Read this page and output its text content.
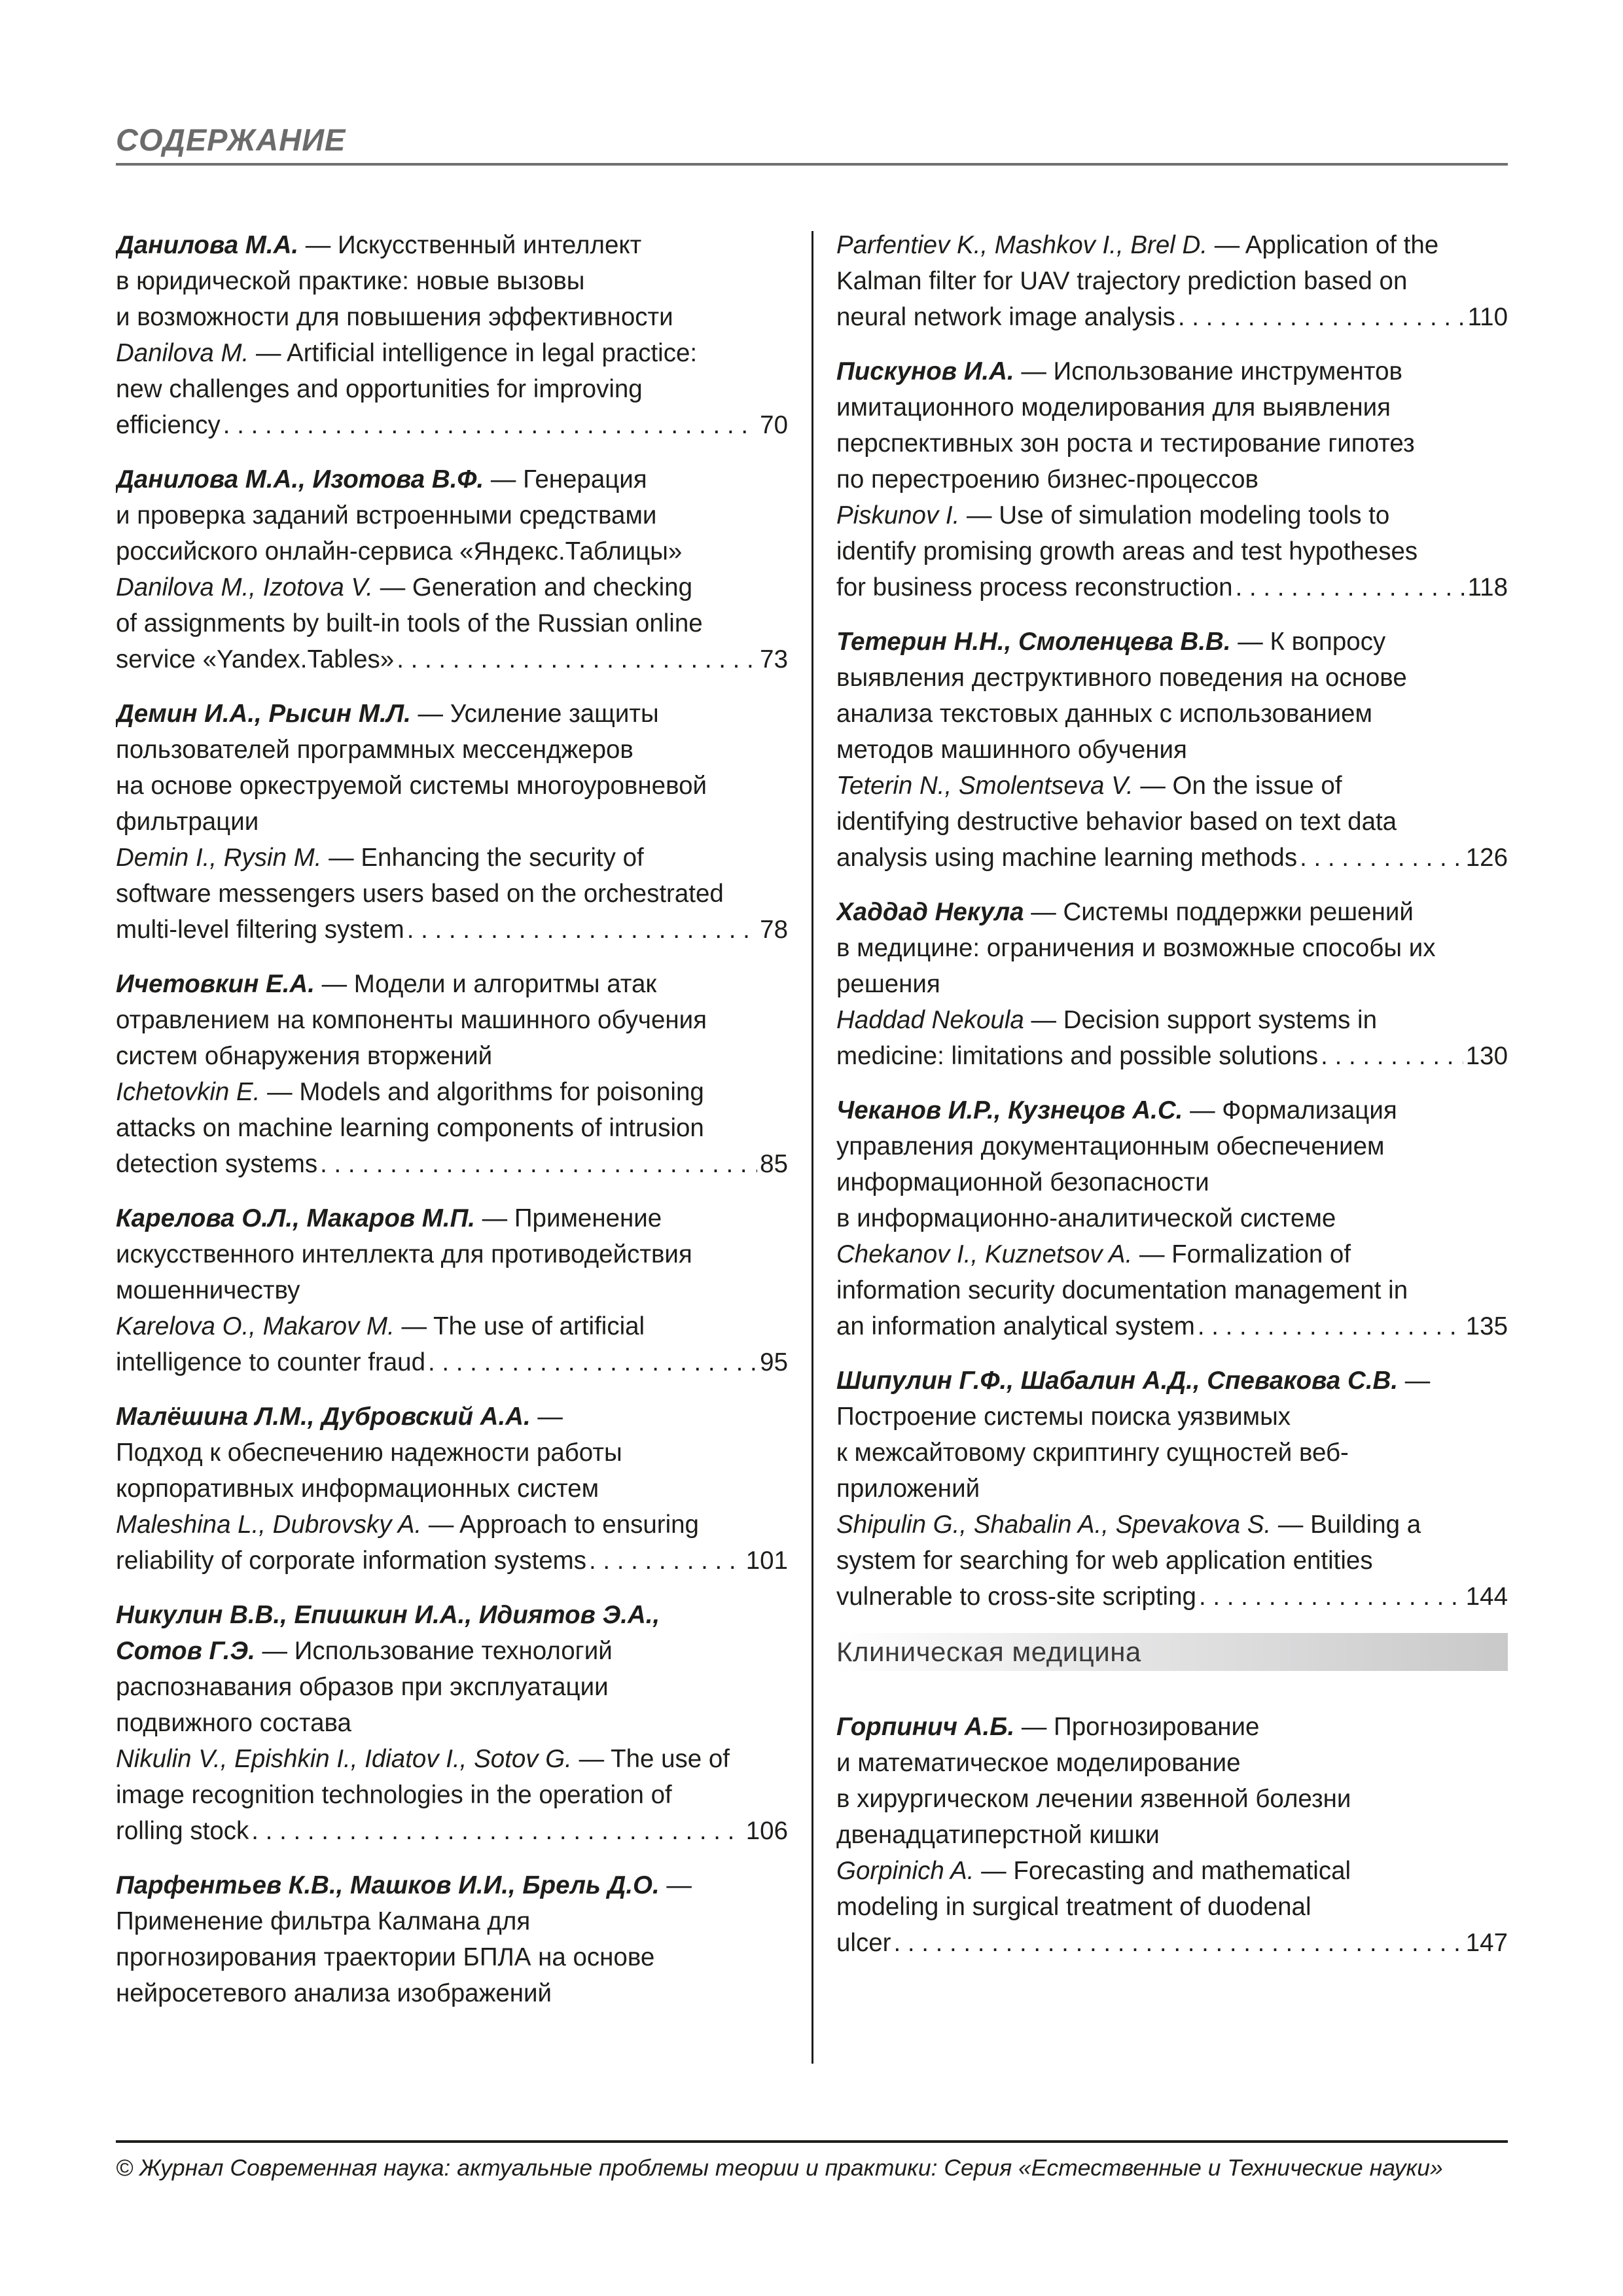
СОДЕРЖАНИЕ
Данилова М.А. — Искусственный интеллект
в юридической практике: новые вызовы
и возможности для повышения эффективности
Danilova M. — Artificial intelligence in legal practice:
new challenges and opportunities for improving
efficiency . . .	70
Данилова М.А., Изотова В.Ф. — Генерация
и проверка заданий встроенными средствами
российского онлайн-сервиса «Яндекс.Таблицы»
Danilova M., Izotova V. — Generation and checking
of assignments by built-in tools of the Russian online
service «Yandex.Tables» . . .	73
Демин И.А., Рысин М.Л. — Усиление защиты
пользователей программных мессенджеров
на основе оркеструемой системы многоуровневой
фильтрации
Demin I., Rysin M. — Enhancing the security of
software messengers users based on the orchestrated
multi-level filtering system . . .	78
Ичетовкин Е.А. — Модели и алгоритмы атак
отравлением на компоненты машинного обучения
систем обнаружения вторжений
Ichetovkin E. — Models and algorithms for poisoning
attacks on machine learning components of intrusion
detection systems . . .	85
Карелова О.Л., Макаров М.П. — Применение
искусственного интеллекта для противодействия
мошенничеству
Karelova O., Makarov M. — The use of artificial
intelligence to counter fraud . . .	95
Малёшина Л.М., Дубровский А.А. —
Подход к обеспечению надежности работы
корпоративных информационных систем
Maleshina L., Dubrovsky A. — Approach to ensuring
reliability of corporate information systems . . .	101
Никулин В.В., Епишкин И.А., Идиятов Э.А.,
Сотов Г.Э. — Использование технологий
распознавания образов при эксплуатации
подвижного состава
Nikulin V., Epishkin I., Idiatov I., Sotov G. — The use of
image recognition technologies in the operation of
rolling stock . . .	106
Парфентьев К.В., Машков И.И., Брель Д.О. —
Применение фильтра Калмана для
прогнозирования траектории БПЛА на основе
нейросетевого анализа изображений
Parfentiev K., Mashkov I., Brel D. — Application of the
Kalman filter for UAV trajectory prediction based on
neural network image analysis . . .	110
Пискунов И.А. — Использование инструментов
имитационного моделирования для выявления
перспективных зон роста и тестирование гипотез
по перестроению бизнес-процессов
Piskunov I. — Use of simulation modeling tools to
identify promising growth areas and test hypotheses
for business process reconstruction . . .	118
Тетерин Н.Н., Смоленцева В.В. — К вопросу
выявления деструктивного поведения на основе
анализа текстовых данных с использованием
методов машинного обучения
Teterin N., Smolentseva V. — On the issue of
identifying destructive behavior based on text data
analysis using machine learning methods . . .	126
Хаддад Некула — Системы поддержки решений
в медицине: ограничения и возможные способы их
решения
Haddad Nekoula — Decision support systems in
medicine: limitations and possible solutions . . .	130
Чеканов И.Р., Кузнецов А.С. — Формализация
управления документационным обеспечением
информационной безопасности
в информационно-аналитической системе
Chekanov I., Kuznetsov A. — Formalization of
information security documentation management in
an information analytical system . . .	135
Шипулин Г.Ф., Шабалин А.Д., Спевакова С.В. —
Построение системы поиска уязвимых
к межсайтовому скриптингу сущностей веб-
приложений
Shipulin G., Shabalin A., Spevakova S. — Building a
system for searching for web application entities
vulnerable to cross-site scripting . . .	144
Клиническая медицина
Горпинич А.Б. — Прогнозирование
и математическое моделирование
в хирургическом лечении язвенной болезни
двенадцатиперстной кишки
Gorpinich A. — Forecasting and mathematical
modeling in surgical treatment of duodenal
ulcer . . .	147
© Журнал Современная наука: актуальные проблемы теории и практики: Серия «Естественные и Технические науки»
